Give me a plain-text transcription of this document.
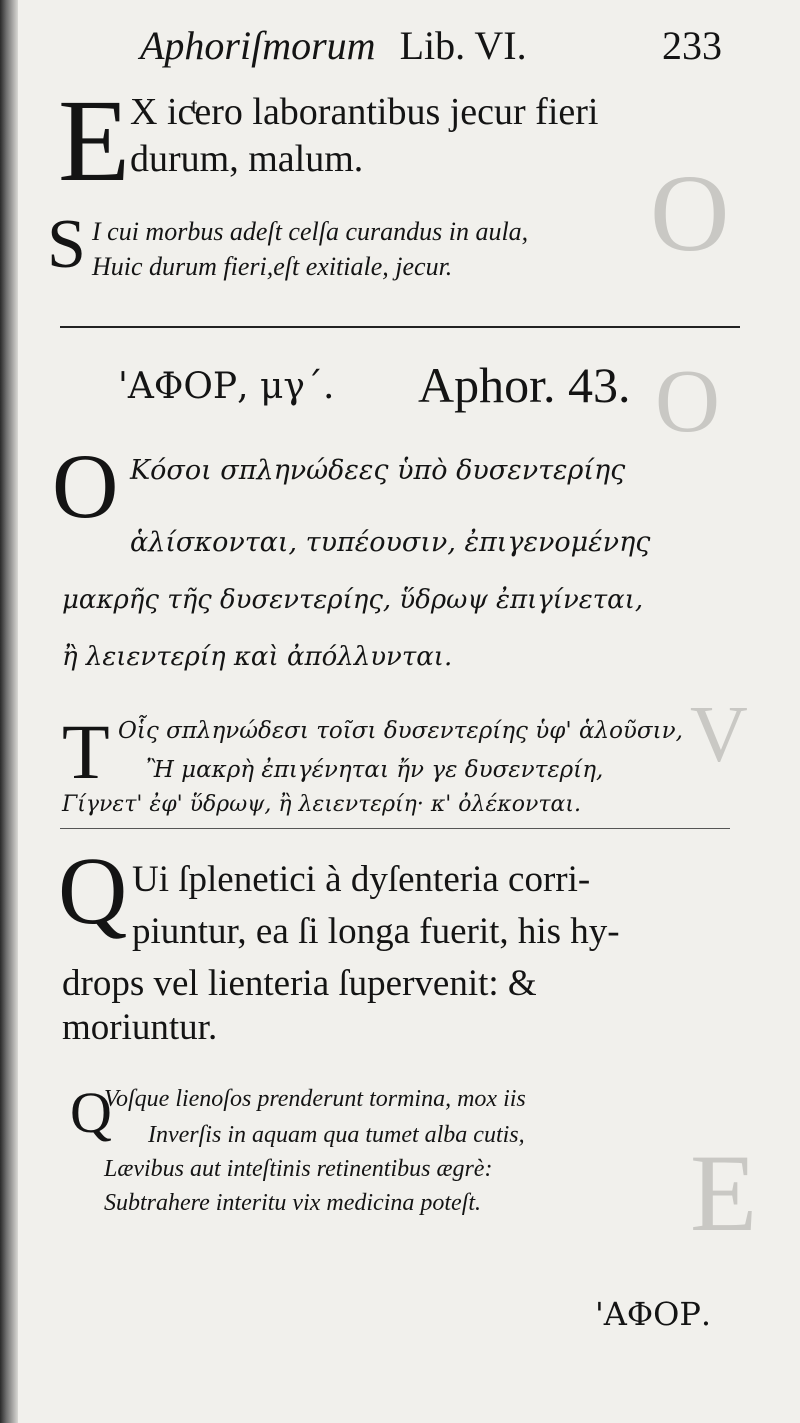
O
O
V
E
Aphoriſmorum Lib. VI.	233
E X icͭero laborantibus jecur fieri
durum, malum.
S I cui morbus adeſt celſa curandus in aula,
Huic durum fieri,eſt exitiale, jecur.
'ΑΦΟΡ, μγ΄. Aphor. 43.
O Κόσοι σπληνώδεες ὑπὸ δυσεντερίης
ἁλίσκονται, τυπέουσιν, ἐπιγενομένης
μακρῆς τῆς δυσεντερίης, ὕδρωψ ἐπιγίνεται,
ἢ λειεντερίη καὶ ἀπόλλυνται.
T Οἷς σπληνώδεσι τοῖσι δυσεντερίης ὑφ' ἁλοῦσιν,
Ἢ μακρὴ ἐπιγένηται ἤν γε δυσεντερίη,
Γίγνετ' ἐφ' ὕδρωψ, ἢ λειεντερίη· κ' ὀλέκονται.
Q Ui ſplenetici à dyſenteria corri-
piuntur, ea ſi longa fuerit, his hy-
drops vel lienteria ſupervenit: &
moriuntur.
Q
Voſque lienoſos prenderunt tormina, mox iis
Inverſis in aquam qua tumet alba cutis,
Lævibus aut inteſtinis retinentibus ægrè:
Subtrahere interitu vix medicina poteſt.
'ΑΦΟΡ.
